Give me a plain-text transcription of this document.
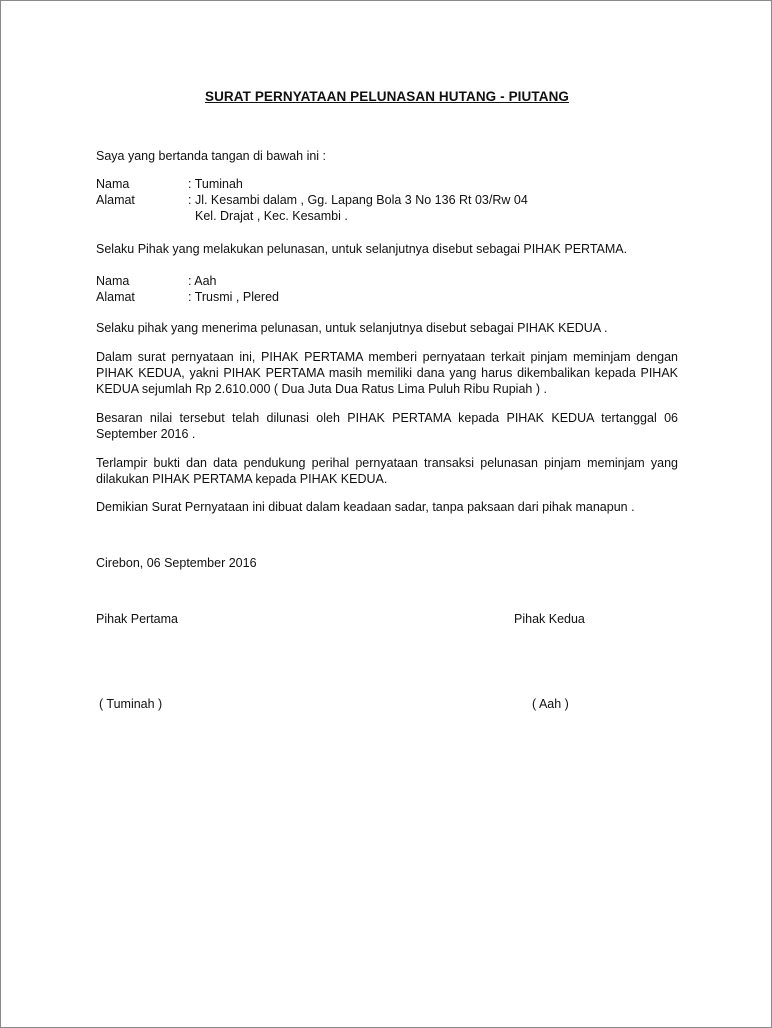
SURAT PERNYATAAN PELUNASAN HUTANG - PIUTANG
Saya yang bertanda tangan di bawah ini :
Nama	: Tuminah
Alamat	: Jl. Kesambi dalam , Gg. Lapang Bola 3 No 136 Rt 03/Rw 04
Kel. Drajat , Kec. Kesambi .
Selaku Pihak yang melakukan pelunasan, untuk selanjutnya disebut sebagai PIHAK PERTAMA.
Nama	: Aah
Alamat	: Trusmi , Plered
Selaku pihak yang menerima pelunasan, untuk selanjutnya disebut sebagai PIHAK KEDUA .
Dalam surat pernyataan ini, PIHAK PERTAMA memberi pernyataan terkait pinjam meminjam dengan PIHAK KEDUA, yakni PIHAK PERTAMA masih memiliki dana yang harus dikembalikan kepada PIHAK KEDUA sejumlah Rp 2.610.000 ( Dua Juta Dua Ratus Lima Puluh Ribu Rupiah ) .
Besaran nilai tersebut telah dilunasi oleh PIHAK PERTAMA kepada PIHAK KEDUA tertanggal 06 September 2016 .
Terlampir bukti dan data pendukung perihal pernyataan transaksi pelunasan pinjam meminjam yang dilakukan PIHAK PERTAMA kepada PIHAK KEDUA.
Demikian Surat Pernyataan ini dibuat dalam keadaan sadar, tanpa paksaan dari pihak manapun .
Cirebon, 06 September 2016
Pihak Pertama	Pihak Kedua
( Tuminah )	( Aah )
